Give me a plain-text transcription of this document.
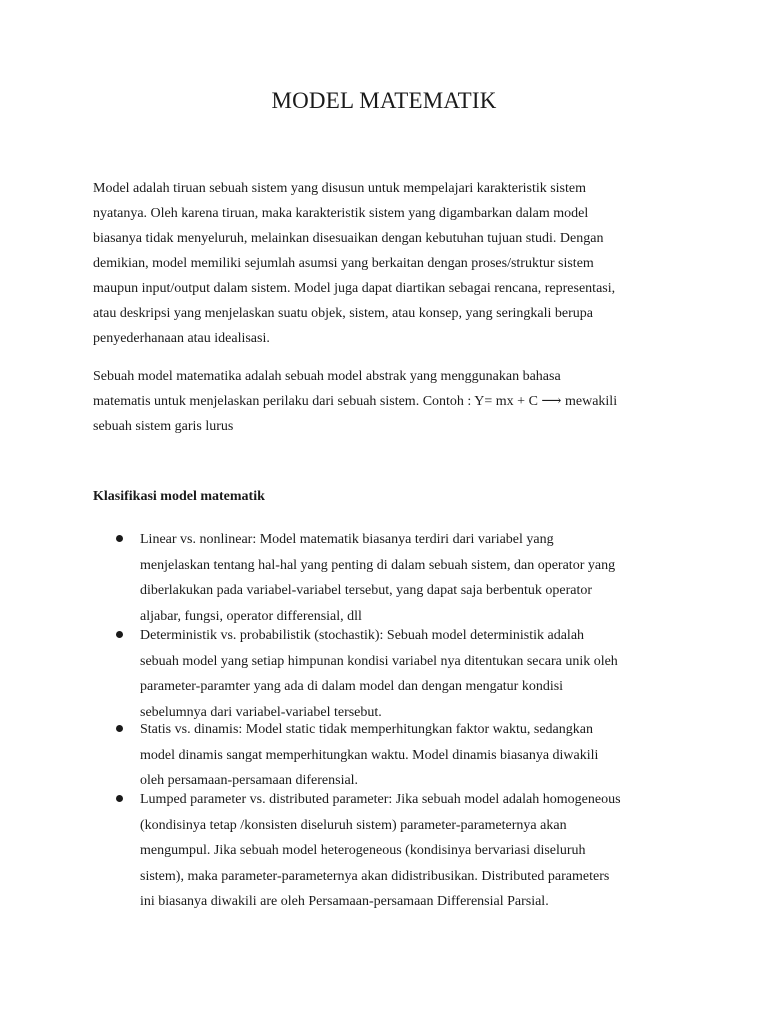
MODEL MATEMATIK

Model adalah tiruan sebuah sistem yang disusun untuk mempelajari karakteristik sistem
nyatanya. Oleh karena tiruan, maka karakteristik sistem yang digambarkan dalam model
biasanya tidak menyeluruh, melainkan disesuaikan dengan kebutuhan tujuan studi. Dengan
demikian, model memiliki sejumlah asumsi yang berkaitan dengan proses/struktur sistem
maupun input/output dalam sistem. Model juga dapat diartikan sebagai rencana, representasi,
atau deskripsi yang menjelaskan suatu objek, sistem, atau konsep, yang seringkali berupa
penyederhanaan atau idealisasi.

Sebuah model matematika adalah sebuah model abstrak yang menggunakan bahasa
matematis untuk menjelaskan perilaku dari sebuah sistem. Contoh : Y= mx + C ⟶ mewakili
sebuah sistem garis lurus

Klasifikasi model matematik
Linear vs. nonlinear: Model matematik biasanya terdiri dari variabel yang
menjelaskan tentang hal-hal yang penting di dalam sebuah sistem, dan operator yang
diberlakukan pada variabel-variabel tersebut, yang dapat saja berbentuk operator
aljabar, fungsi, operator differensial, dll
Deterministik vs. probabilistik (stochastik): Sebuah model deterministik adalah
sebuah model yang setiap himpunan kondisi variabel nya ditentukan secara unik oleh
parameter-paramter yang ada di dalam model dan dengan mengatur kondisi
sebelumnya dari variabel-variabel tersebut.
Statis vs. dinamis: Model static tidak memperhitungkan faktor waktu, sedangkan
model dinamis sangat memperhitungkan waktu. Model dinamis biasanya diwakili
oleh persamaan-persamaan diferensial.
Lumped parameter vs. distributed parameter: Jika sebuah model adalah homogeneous
(kondisinya tetap /konsisten diseluruh sistem) parameter-parameternya akan
mengumpul. Jika sebuah model heterogeneous (kondisinya bervariasi diseluruh
sistem), maka parameter-parameternya akan didistribusikan. Distributed parameters
ini biasanya diwakili are oleh Persamaan-persamaan Differensial Parsial.
